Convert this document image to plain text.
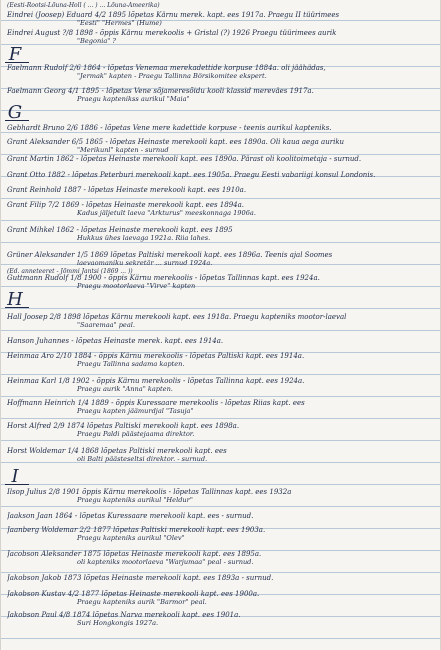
(Eesti-Rootsi-Lõuna-Holl ( ... ) ... Lõuna-Ameerika)
Eindrei (Joosep) Eduard 4/2 1895 lõpetas Kärnu merek. kapt. ees 1917a. Praegu II tüürimees
"Eesti" "Hermes" (Hume)
Eindrei August ?/8 1898 - õppis Kärnu merekoolis + Gristal (?) 1926 Praegu tüürimees aurik
"Begonia" ?
F
Faelmann Rudolf 2/6 1864 - lõpetas Venemaa merekadettide korpuse 1884a. oli jäähädas,
"Jermak" kapten - Praegu Tallinna Börsikomitee ekspert.
Faelmann Georg 4/1 1895 - lõpetas Vene sõjameresõidu kooli klassid mereväes 1917a.
Praegu kaptenikss aurikul "Maia"
G
Gebhardt Bruno 2/6 1886 - lõpetas Vene mere kadettide korpuse - teenis aurikul kapteniks.
Grant Aleksander 6/5 1865 - lõpetas Heinaste merekooli kapt. ees 1890a. Oli kaua aega auriku
"Merikunl" kapten - surnud
Grant Martin 1862 - lõpetas Heinaste merekooli kapt. ees 1890a. Pärast oli koolitoimetaja - surnud.
Grant Otto 1882 - lõpetas Peterburi merekooli kapt. ees 1905a. Praegu Eesti vabariigi konsul Londonis.
Grant Reinhold 1887 - lõpetas Heinaste merekooli kapt. ees 1910a.
Grant Filip 7/2 1869 - lõpetas Heinaste merekooli kapt. ees 1894a.
Kadus jäljetult laeva "Arkturus" meeskonnaga 1906a.
Grant Mihkel 1862 - lõpetas Heinaste merekooli kapt. ees 1895
Hukkus ühes laevaga 1921a. Riia lahes.
Grüner Aleksander 1/5 1869 lõpetas Paltiski merekooli kapt. ees 1896a. Teenis ajal Soomes
laevaomaniku sekretär ... surnud 1924a.
(Ed. anneteeret - Jõmmi Jantsi (1869 ... ))
Guttmann Rudolf 1/8 1900 - õppis Kärnu merekoolis - lõpetas Tallinnas kapt. ees 1924a.
Praegu mootorlaeva "Virve" kapten
H
Hall Joosep 2/8 1898 lõpetas Kärnu merekooli kapt. ees 1918a. Praegu kapteniks mootor-laeval
"Saaremaa" peal.
Hanson Juhannes - lõpetas Heinaste merek. kapt. ees 1914a.
Heinmaa Aro 2/10 1884 - õppis Kärnu merekoolis - lõpetas Paltiski kapt. ees 1914a.
Praegu Tallinna sadama kapten.
Heinmaa Karl 1/8 1902 - õppis Kärnu merekoolis - lõpetas Tallinna kapt. ees 1924a.
Praegu aurik "Anna" kapten.
Hoffmann Heinrich 1/4 1889 - õppis Kuressaare merekoolis - lõpetas Riias kapt. ees
Praegu kapten jäämurdjal "Tasuja"
Horst Alfred 2/9 1874 lõpetas Paltiski merekooli kapt. ees 1898a.
Praegu Paldi päästejaama direktor.
Horst Woldemar 1/4 1868 lõpetas Paltiski merekooli kapt. ees
oli Balti päästeseltsi direktor. - surnud.
I
Ilsop Julius 2/8 1901 õppis Kärnu merekoolis - lõpetas Tallinnas kapt. ees 1932a
Praegu kapteniks aurikul "Heldur"
Jaakson Jaan 1864 - lõpetas Kuressaare merekooli kapt. ees - surnud.
Jaanberg Woldemar 2/2 1877 lõpetas Paltiski merekooli kapt. ees 1903a.
Praegu kapteniks aurikul "Olev"
Jacobson Aleksander 1875 lõpetas Heinaste merekooli kapt. ees 1895a.
oli kapteniks mootorlaeva "Warjumaa" peal - surnud.
Jakobson Jakob 1873 lõpetas Heinaste merekooli kapt. ees 1893a - surnud.
Jakobson Kustav 4/2 1877 lõpetas Heinaste merekooli kapt. ees 1900a.
Praegu kapteniks aurik "Barmor" peal.
Jakobson Paul 4/8 1874 lõpetas Narva merekooli kapt. ees 1901a.
Suri Hongkongis 1927a.
